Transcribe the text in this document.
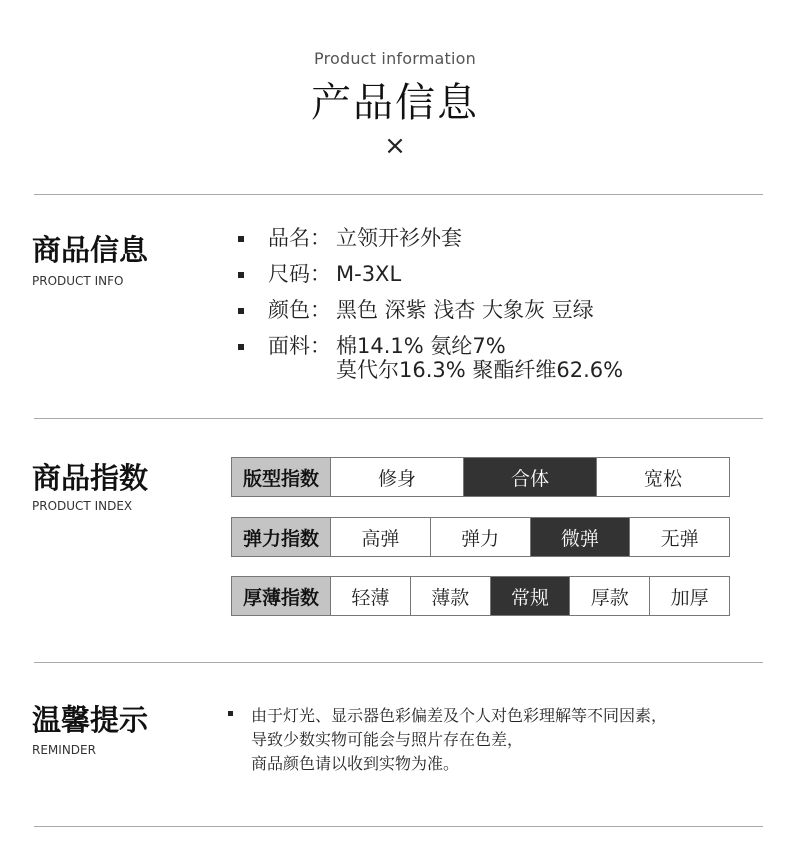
Product information
产品信息
×
商品信息
PRODUCT INFO
品名： 立领开衫外套
尺码： M-3XL
颜色： 黑色 深紫 浅杏 大象灰 豆绿
面料： 棉14.1% 氨纶7%
莫代尔16.3% 聚酯纤维62.6%
商品指数
PRODUCT INDEX
版型指数	修身	合体	宽松
弹力指数	高弹	弹力	微弹	无弹
厚薄指数	轻薄	薄款	常规	厚款	加厚
温馨提示
REMINDER
由于灯光、显示器色彩偏差及个人对色彩理解等不同因素，
导致少数实物可能会与照片存在色差，
商品颜色请以收到实物为准。
